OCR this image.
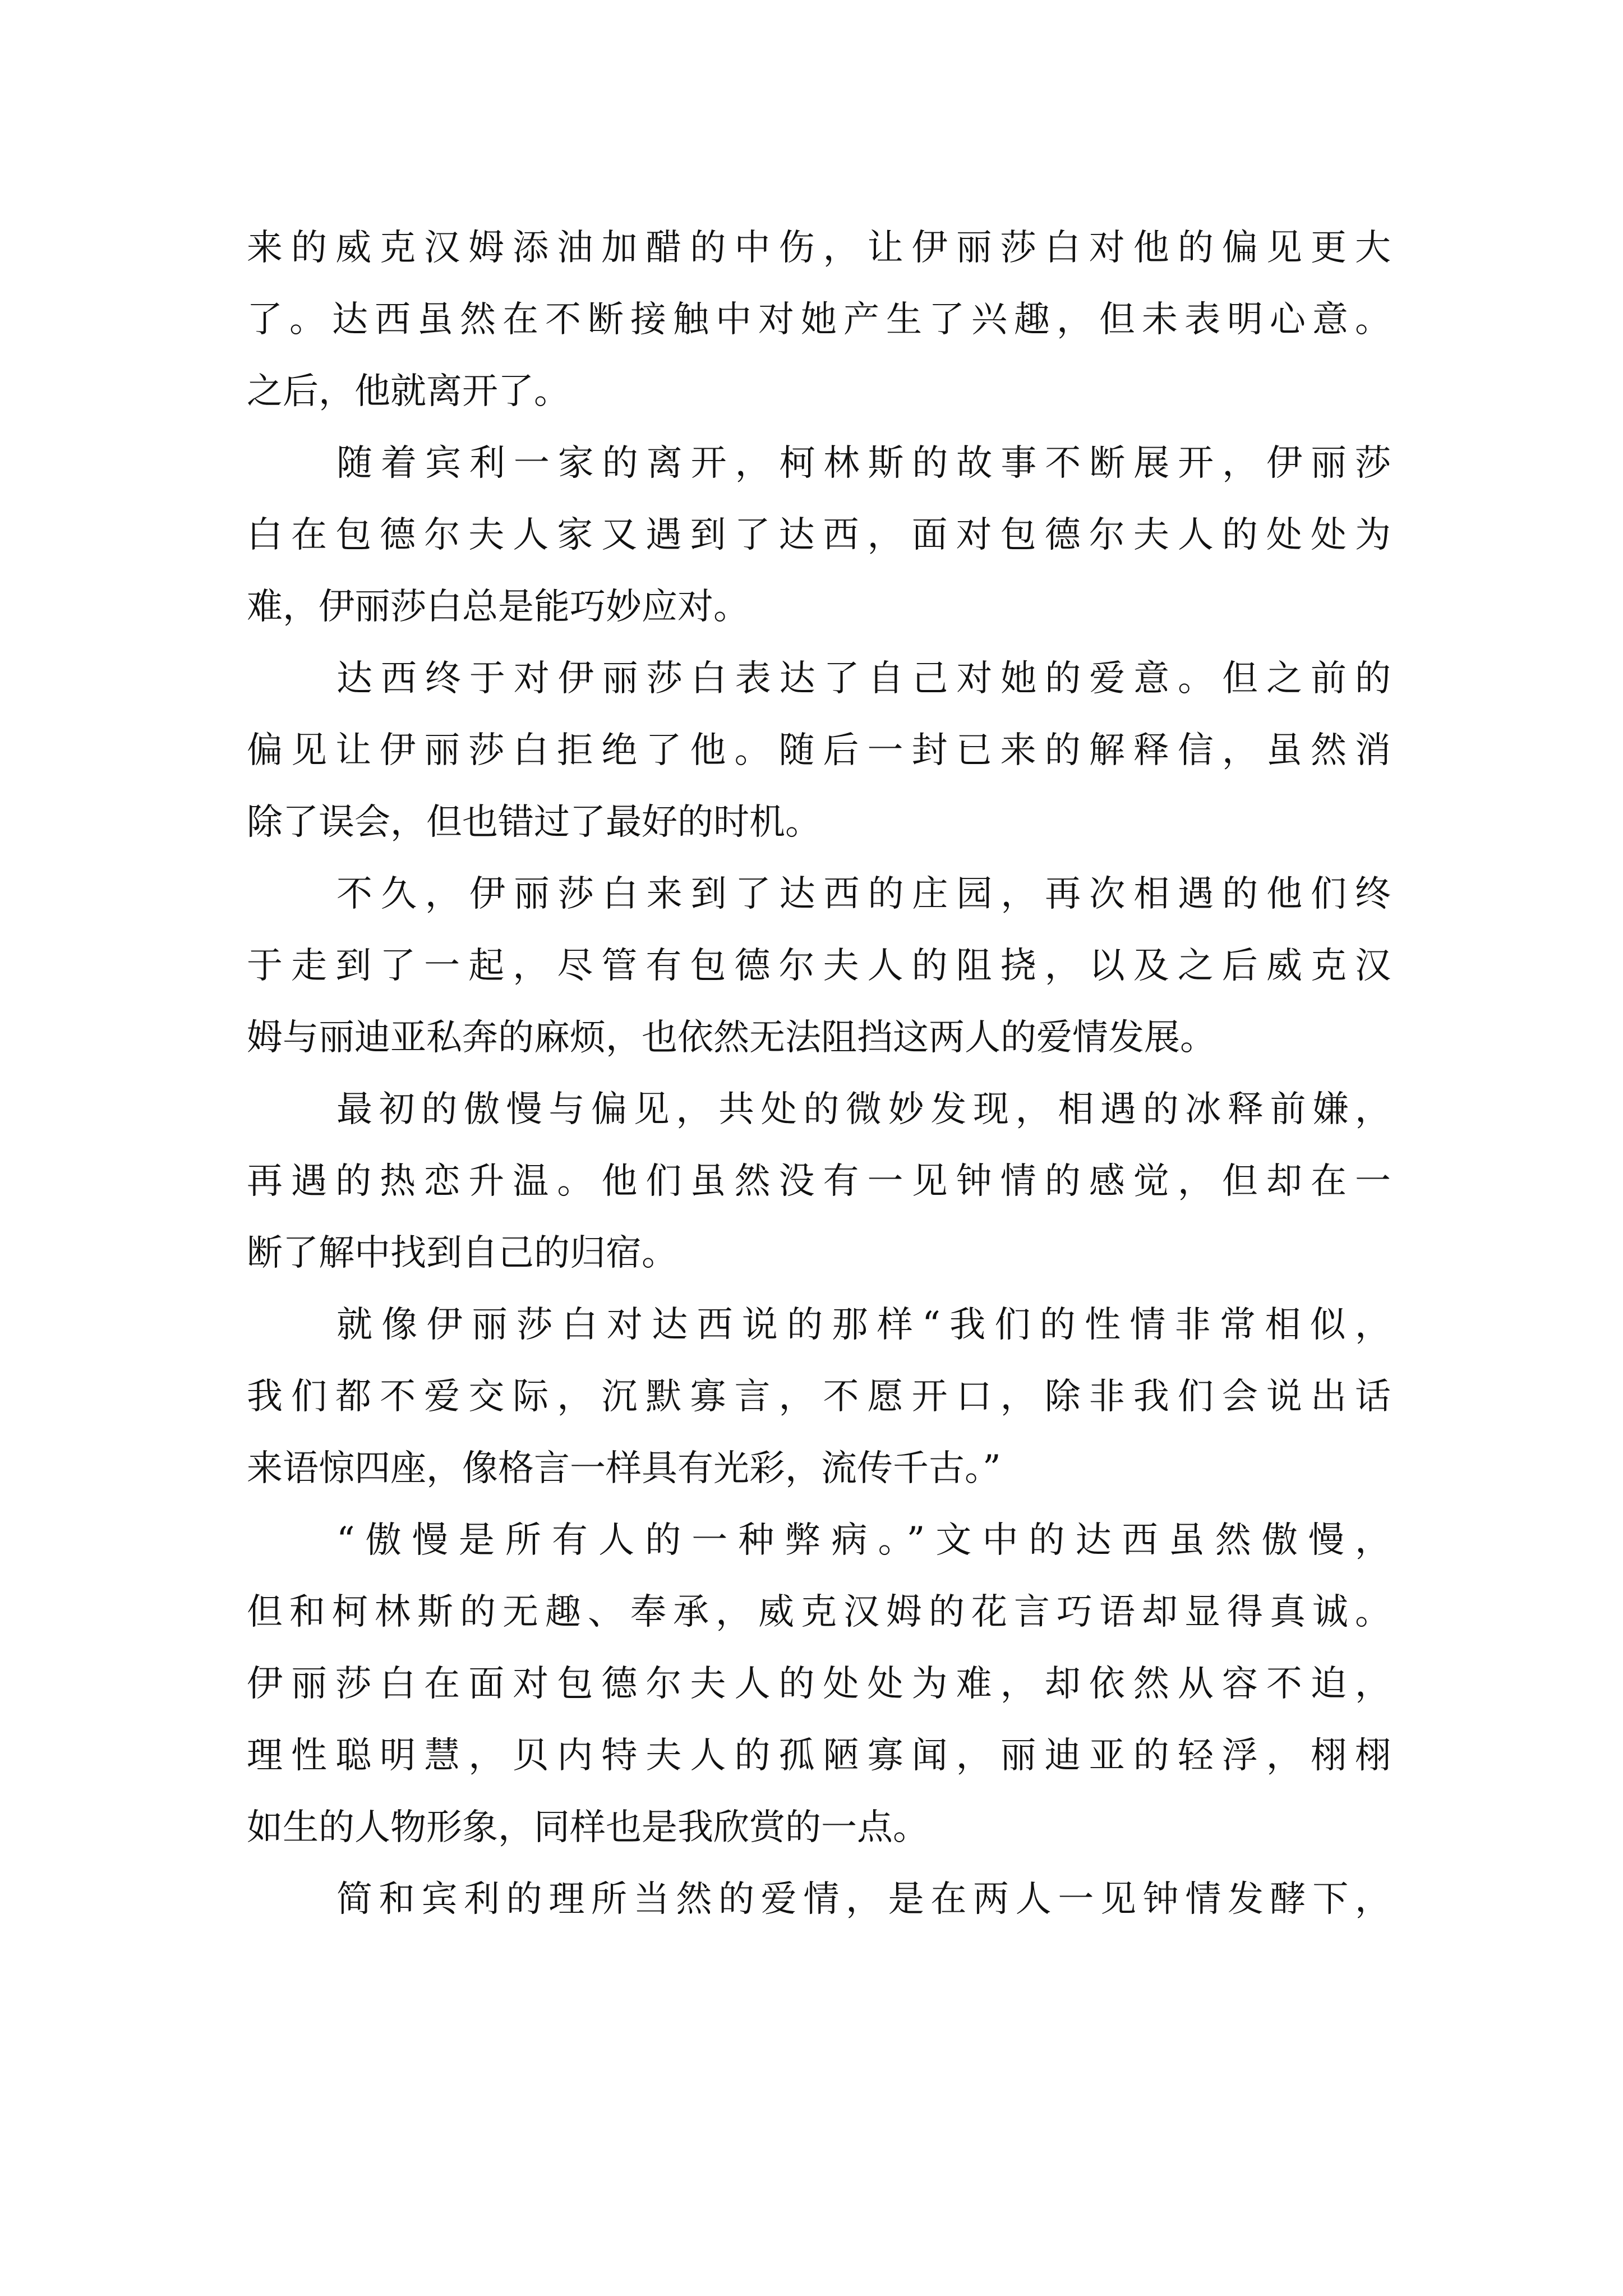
来的威克汉姆添油加醋的中伤，让伊丽莎白对他的偏见更大
了。达西虽然在不断接触中对她产生了兴趣，但未表明心意。
之后，他就离开了。
随着宾利一家的离开，柯林斯的故事不断展开，伊丽莎
白在包德尔夫人家又遇到了达西，面对包德尔夫人的处处为
难，伊丽莎白总是能巧妙应对。
达西终于对伊丽莎白表达了自己对她的爱意。但之前的
偏见让伊丽莎白拒绝了他。随后一封已来的解释信，虽然消
除了误会，但也错过了最好的时机。
不久，伊丽莎白来到了达西的庄园，再次相遇的他们终
于走到了一起，尽管有包德尔夫人的阻挠，以及之后威克汉
姆与丽迪亚私奔的麻烦，也依然无法阻挡这两人的爱情发展。
最初的傲慢与偏见，共处的微妙发现，相遇的冰释前嫌，
再遇的热恋升温。他们虽然没有一见钟情的感觉，但却在一
断了解中找到自己的归宿。
就像伊丽莎白对达西说的那样“我们的性情非常相似，
我们都不爱交际，沉默寡言，不愿开口，除非我们会说出话
来语惊四座，像格言一样具有光彩，流传千古。”
“傲慢是所有人的一种弊病。”文中的达西虽然傲慢，
但和柯林斯的无趣、奉承，威克汉姆的花言巧语却显得真诚。
伊丽莎白在面对包德尔夫人的处处为难，却依然从容不迫，
理性聪明慧，贝内特夫人的孤陋寡闻，丽迪亚的轻浮，栩栩
如生的人物形象，同样也是我欣赏的一点。
简和宾利的理所当然的爱情，是在两人一见钟情发酵下，
